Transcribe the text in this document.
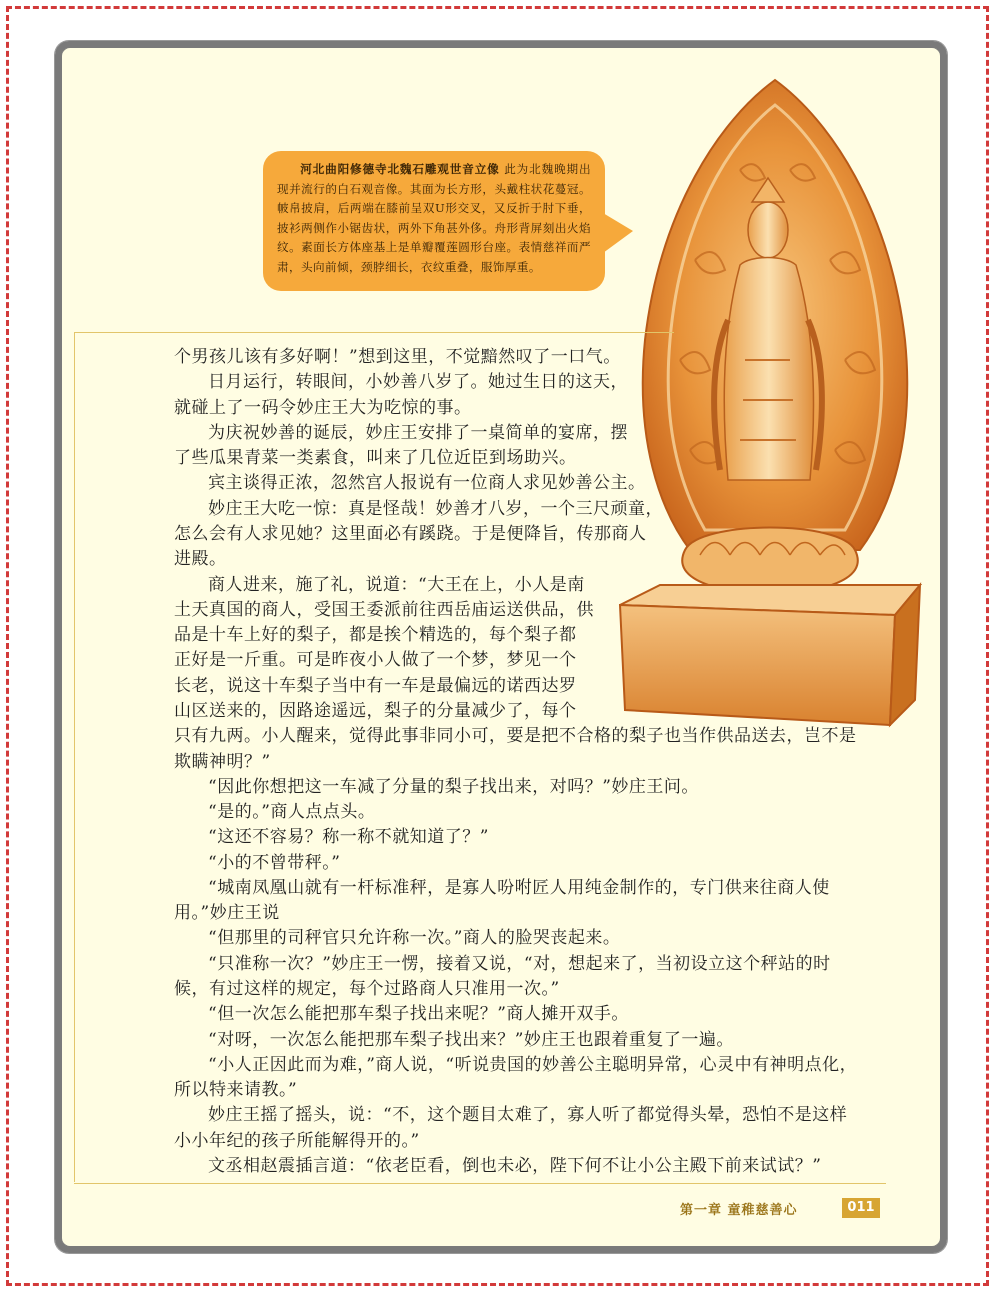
河北曲阳修德寺北魏石雕观世音立像 此为北魏晚期出现并流行的白石观音像。其面为长方形，头戴柱状花蔓冠。帔帛披肩，后两端在膝前呈双U形交叉，又反折于肘下垂，披衫两侧作小锯齿状，两外下角甚外侈。舟形背屏刻出火焰纹。素面长方体座基上是单瓣覆莲圆形台座。表情慈祥而严肃，头向前倾，颈脖细长，衣纹重叠，服饰厚重。

个男孩儿该有多好啊！”想到这里，不觉黯然叹了一口气。
日月运行，转眼间，小妙善八岁了。她过生日的这天，
就碰上了一码令妙庄王大为吃惊的事。
为庆祝妙善的诞辰，妙庄王安排了一桌简单的宴席，摆
了些瓜果青菜一类素食，叫来了几位近臣到场助兴。
宾主谈得正浓，忽然宫人报说有一位商人求见妙善公主。
妙庄王大吃一惊：真是怪哉！妙善才八岁，一个三尺顽童，
怎么会有人求见她？这里面必有蹊跷。于是便降旨，传那商人
进殿。
商人进来，施了礼，说道：“大王在上，小人是南
土天真国的商人，受国王委派前往西岳庙运送供品，供
品是十车上好的梨子，都是挨个精选的，每个梨子都
正好是一斤重。可是昨夜小人做了一个梦，梦见一个
长老，说这十车梨子当中有一车是最偏远的诺西达罗
山区送来的，因路途遥远，梨子的分量减少了，每个
只有九两。小人醒来，觉得此事非同小可，要是把不合格的梨子也当作供品送去，岂不是
欺瞒神明？”
“因此你想把这一车减了分量的梨子找出来，对吗？”妙庄王问。
“是的。”商人点点头。
“这还不容易？称一称不就知道了？”
“小的不曾带秤。”
“城南凤凰山就有一杆标准秤，是寡人吩咐匠人用纯金制作的，专门供来往商人使
用。”妙庄王说
“但那里的司秤官只允许称一次。”商人的脸哭丧起来。
“只准称一次？”妙庄王一愣，接着又说，“对，想起来了，当初设立这个秤站的时
候，有过这样的规定，每个过路商人只准用一次。”
“但一次怎么能把那车梨子找出来呢？”商人摊开双手。
“对呀，一次怎么能把那车梨子找出来？”妙庄王也跟着重复了一遍。
“小人正因此而为难，”商人说，“听说贵国的妙善公主聪明异常，心灵中有神明点化，
所以特来请教。”
妙庄王摇了摇头，说：“不，这个题目太难了，寡人听了都觉得头晕，恐怕不是这样
小小年纪的孩子所能解得开的。”
文丞相赵震插言道：“依老臣看，倒也未必，陛下何不让小公主殿下前来试试？”
第一章 童稚慈善心	011
